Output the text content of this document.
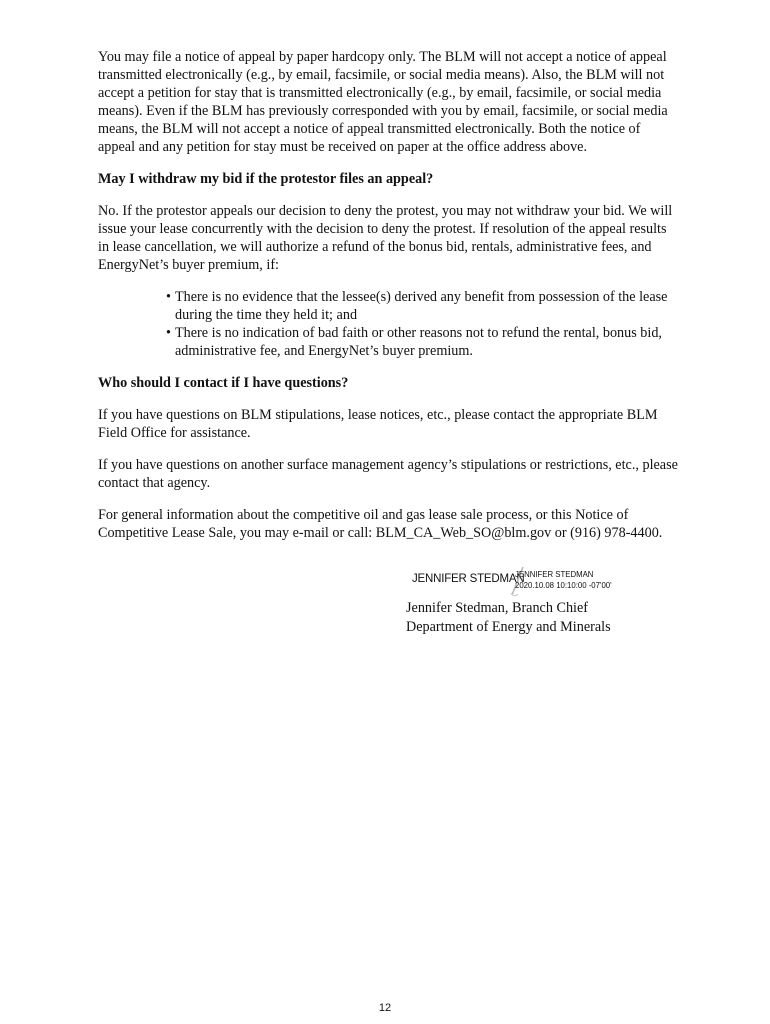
You may file a notice of appeal by paper hardcopy only. The BLM will not accept a notice of appeal transmitted electronically (e.g., by email, facsimile, or social media means). Also, the BLM will not accept a petition for stay that is transmitted electronically (e.g., by email, facsimile, or social media means). Even if the BLM has previously corresponded with you by email, facsimile, or social media means, the BLM will not accept a notice of appeal transmitted electronically. Both the notice of appeal and any petition for stay must be received on paper at the office address above.

May I withdraw my bid if the protestor files an appeal?

No. If the protestor appeals our decision to deny the protest, you may not withdraw your bid. We will issue your lease concurrently with the decision to deny the protest. If resolution of the appeal results in lease cancellation, we will authorize a refund of the bonus bid, rentals, administrative fees, and EnergyNet’s buyer premium, if:

• There is no evidence that the lessee(s) derived any benefit from possession of the lease during the time they held it; and
• There is no indication of bad faith or other reasons not to refund the rental, bonus bid, administrative fee, and EnergyNet’s buyer premium.
Who should I contact if I have questions?

If you have questions on BLM stipulations, lease notices, etc., please contact the appropriate BLM Field Office for assistance.

If you have questions on another surface management agency’s stipulations or restrictions, etc., please contact that agency.

For general information about the competitive oil and gas lease sale process, or this Notice of Competitive Lease Sale, you may e-mail or call: BLM_CA_Web_SO@blm.gov or (916) 978-4400.

JENNIFER STEDMAN
JENNIFER STEDMAN
2020.10.08 10:10:00 -07'00'
Jennifer Stedman, Branch Chief
Department of Energy and Minerals
12
